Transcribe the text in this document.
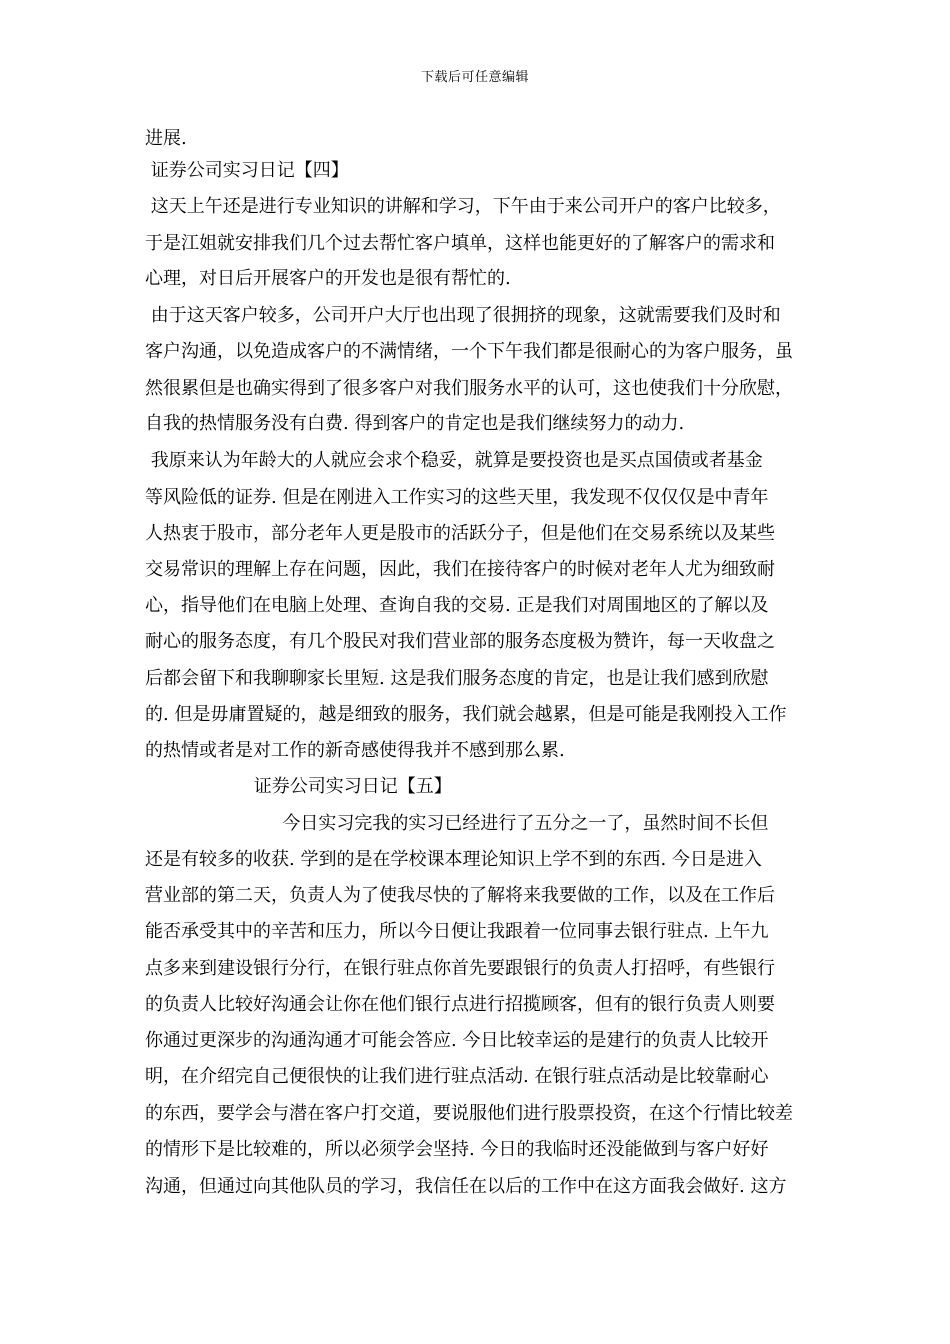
下载后可任意编辑
进展.
证券公司实习日记【四】
这天上午还是进行专业知识的讲解和学习，下午由于来公司开户的客户比较多，
于是江姐就安排我们几个过去帮忙客户填单，这样也能更好的了解客户的需求和
心理，对日后开展客户的开发也是很有帮忙的.
由于这天客户较多，公司开户大厅也出现了很拥挤的现象，这就需要我们及时和
客户沟通，以免造成客户的不满情绪，一个下午我们都是很耐心的为客户服务，虽
然很累但是也确实得到了很多客户对我们服务水平的认可，这也使我们十分欣慰，
自我的热情服务没有白费. 得到客户的肯定也是我们继续努力的动力.
我原来认为年龄大的人就应会求个稳妥，就算是要投资也是买点国债或者基金
等风险低的证券. 但是在刚进入工作实习的这些天里，我发现不仅仅仅是中青年
人热衷于股市，部分老年人更是股市的活跃分子，但是他们在交易系统以及某些
交易常识的理解上存在问题，因此，我们在接待客户的时候对老年人尤为细致耐
心，指导他们在电脑上处理、查询自我的交易. 正是我们对周围地区的了解以及
耐心的服务态度，有几个股民对我们营业部的服务态度极为赞许，每一天收盘之
后都会留下和我聊聊家长里短. 这是我们服务态度的肯定，也是让我们感到欣慰
的. 但是毋庸置疑的，越是细致的服务，我们就会越累，但是可能是我刚投入工作
的热情或者是对工作的新奇感使得我并不感到那么累.
证券公司实习日记【五】
今日实习完我的实习已经进行了五分之一了，虽然时间不长但
还是有较多的收获. 学到的是在学校课本理论知识上学不到的东西. 今日是进入
营业部的第二天，负责人为了使我尽快的了解将来我要做的工作，以及在工作后
能否承受其中的辛苦和压力，所以今日便让我跟着一位同事去银行驻点. 上午九
点多来到建设银行分行，在银行驻点你首先要跟银行的负责人打招呼，有些银行
的负责人比较好沟通会让你在他们银行点进行招揽顾客，但有的银行负责人则要
你通过更深步的沟通沟通才可能会答应. 今日比较幸运的是建行的负责人比较开
明，在介绍完自己便很快的让我们进行驻点活动. 在银行驻点活动是比较靠耐心
的东西，要学会与潜在客户打交道，要说服他们进行股票投资，在这个行情比较差
的情形下是比较难的，所以必须学会坚持. 今日的我临时还没能做到与客户好好
沟通，但通过向其他队员的学习，我信任在以后的工作中在这方面我会做好. 这方
